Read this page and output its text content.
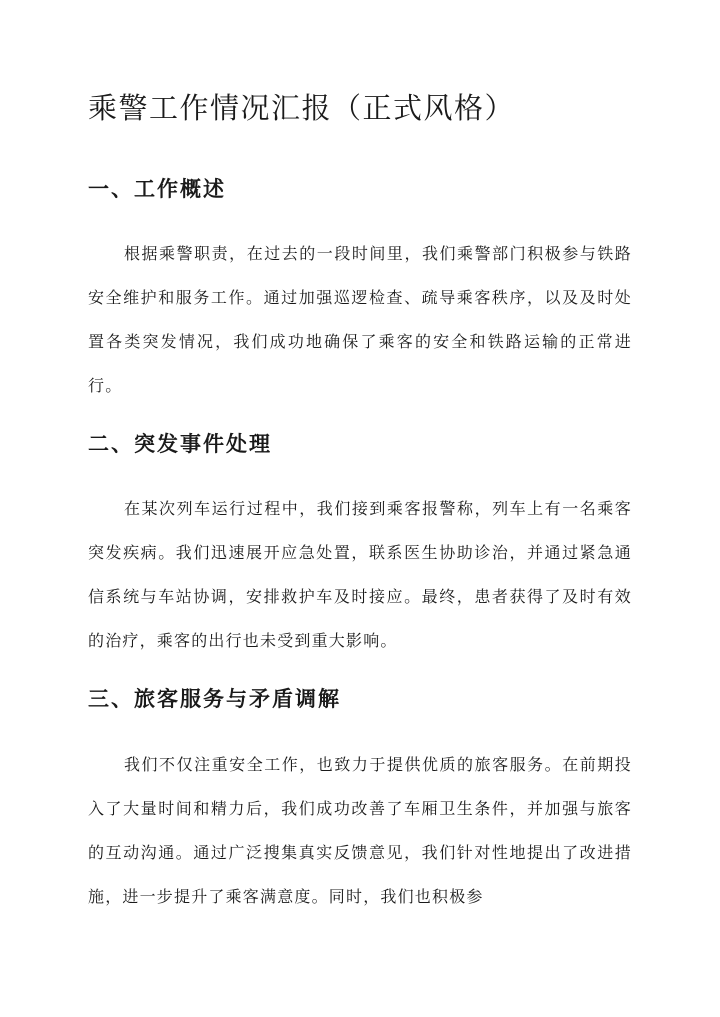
乘警工作情况汇报（正式风格）
一、工作概述

根据乘警职责，在过去的一段时间里，我们乘警部门积极参与铁路安全维护和服务工作。通过加强巡逻检查、疏导乘客秩序，以及及时处置各类突发情况，我们成功地确保了乘客的安全和铁路运输的正常进行。

二、突发事件处理

在某次列车运行过程中，我们接到乘客报警称，列车上有一名乘客突发疾病。我们迅速展开应急处置，联系医生协助诊治，并通过紧急通信系统与车站协调，安排救护车及时接应。最终，患者获得了及时有效的治疗，乘客的出行也未受到重大影响。

三、旅客服务与矛盾调解

我们不仅注重安全工作，也致力于提供优质的旅客服务。在前期投入了大量时间和精力后，我们成功改善了车厢卫生条件，并加强与旅客的互动沟通。通过广泛搜集真实反馈意见，我们针对性地提出了改进措施，进一步提升了乘客满意度。同时，我们也积极参
